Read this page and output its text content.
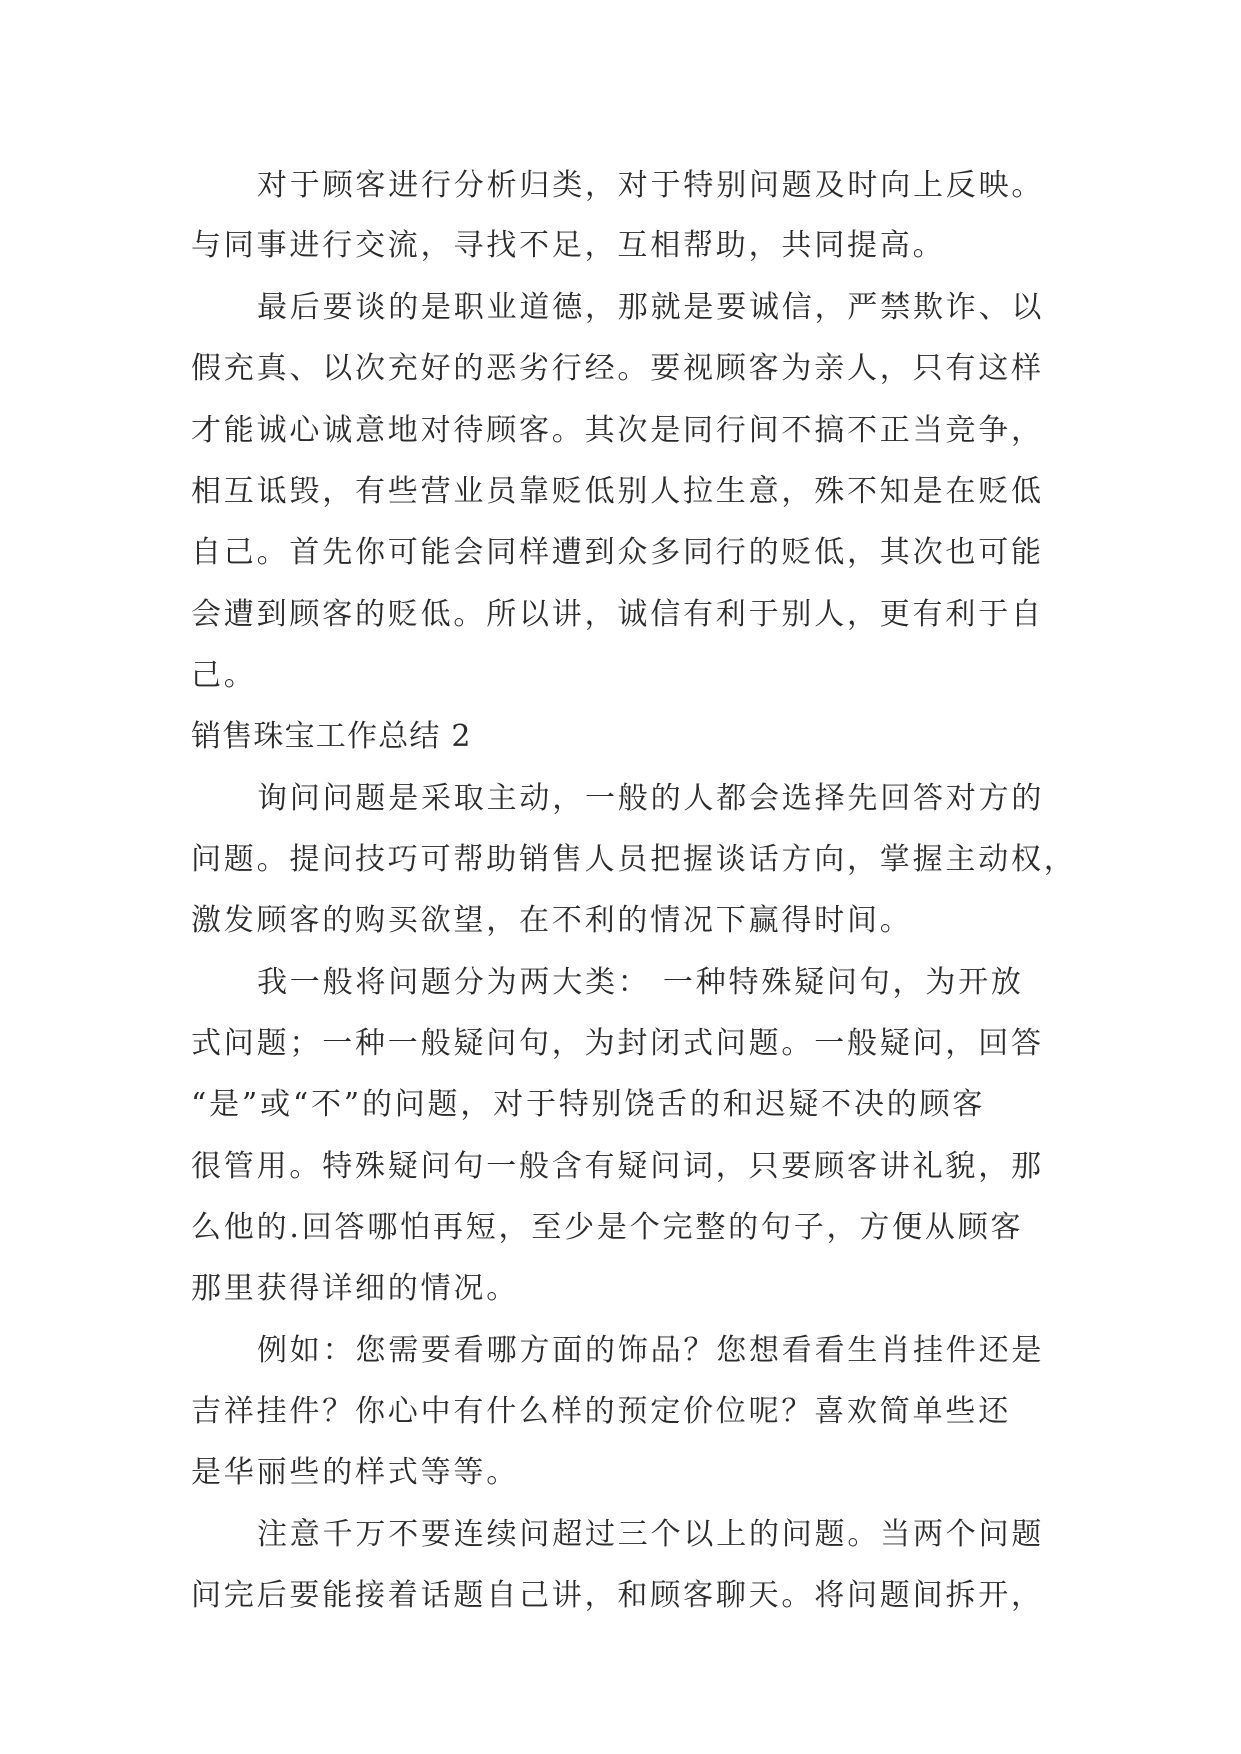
对于顾客进行分析归类，对于特别问题及时向上反映。
与同事进行交流，寻找不足，互相帮助，共同提高。
最后要谈的是职业道德，那就是要诚信，严禁欺诈、以
假充真、以次充好的恶劣行经。要视顾客为亲人，只有这样
才能诚心诚意地对待顾客。其次是同行间不搞不正当竞争，
相互诋毁，有些营业员靠贬低别人拉生意，殊不知是在贬低
自己。首先你可能会同样遭到众多同行的贬低，其次也可能
会遭到顾客的贬低。所以讲，诚信有利于别人，更有利于自
己。
销售珠宝工作总结 2
询问问题是采取主动，一般的人都会选择先回答对方的
问题。提问技巧可帮助销售人员把握谈话方向，掌握主动权，
激发顾客的购买欲望，在不利的情况下赢得时间。
我一般将问题分为两大类： 一种特殊疑问句，为开放
式问题；一种一般疑问句，为封闭式问题。一般疑问，回答
“是”或“不”的问题，对于特别饶舌的和迟疑不决的顾客
很管用。特殊疑问句一般含有疑问词，只要顾客讲礼貌，那
么他的.回答哪怕再短，至少是个完整的句子，方便从顾客
那里获得详细的情况。
例如：您需要看哪方面的饰品？您想看看生肖挂件还是
吉祥挂件？你心中有什么样的预定价位呢？喜欢简单些还
是华丽些的样式等等。
注意千万不要连续问超过三个以上的问题。当两个问题
问完后要能接着话题自己讲，和顾客聊天。将问题间拆开，
